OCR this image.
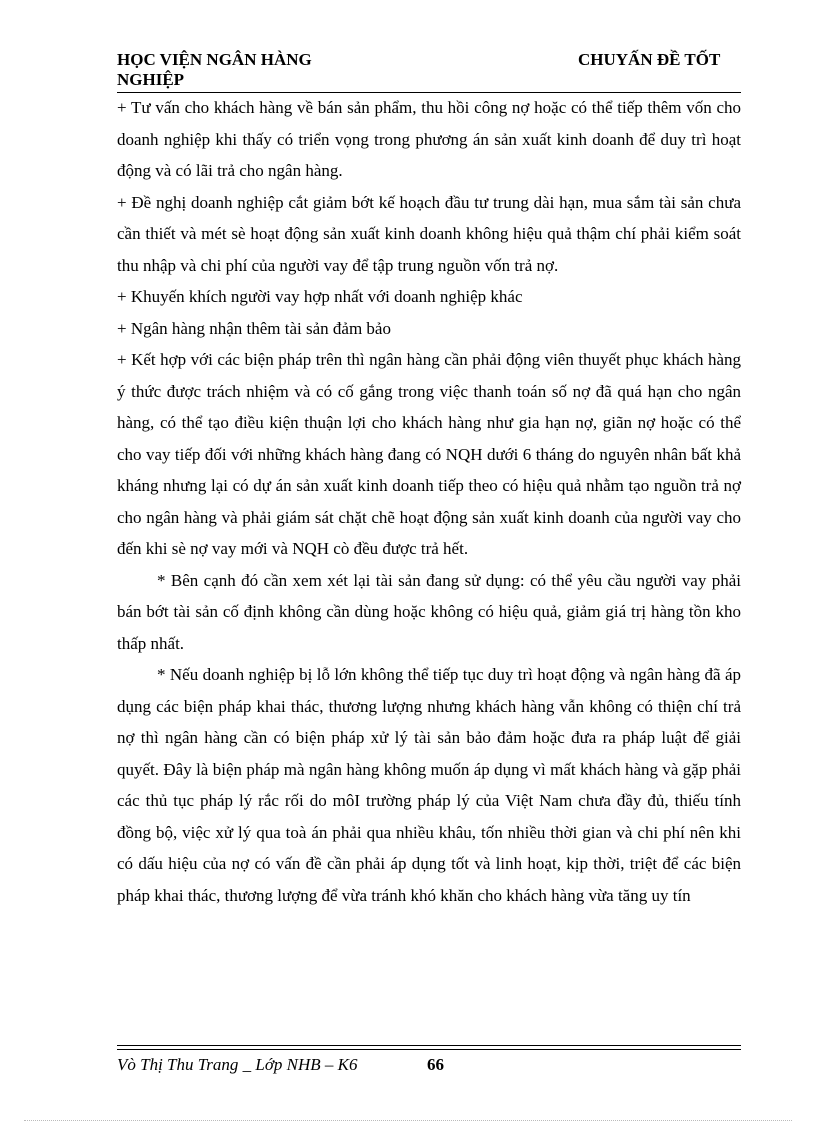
HỌC VIỆN NGÂN HÀNG NGHIỆP
CHUYẤN ĐỀ TỐT

+ Tư vấn cho khách hàng về bán sản phẩm, thu hồi công nợ hoặc có thể tiếp thêm vốn cho doanh nghiệp khi thấy có triển vọng trong phương án sản xuất kinh doanh để duy trì hoạt động và có lãi trả cho ngân hàng.

+ Đề nghị doanh nghiệp cắt giảm bớt kế hoạch đầu tư trung dài hạn, mua sắm tài sản chưa cần thiết và mét sè hoạt động sản xuất kinh doanh không hiệu quả thậm chí phải kiểm soát thu nhập và chi phí của người vay để tập trung nguồn vốn trả nợ.

+ Khuyến khích người vay hợp nhất với doanh nghiệp khác

+ Ngân hàng nhận thêm tài sản đảm bảo

+ Kết hợp với các biện pháp trên thì ngân hàng cần phải động viên thuyết phục khách hàng ý thức được trách nhiệm và có cố gắng trong việc thanh toán số nợ đã quá hạn cho ngân hàng, có thể tạo điều kiện thuận lợi cho khách hàng như gia hạn nợ, giãn nợ hoặc có thể cho vay tiếp đối với những khách hàng đang có NQH dưới 6 tháng do nguyên nhân bất khả kháng nhưng lại có dự án sản xuất kinh doanh tiếp theo có hiệu quả nhằm tạo nguồn trả nợ cho ngân hàng và phải giám sát chặt chẽ hoạt động sản xuất kinh doanh của người vay cho đến khi sè nợ vay mới và NQH cò đều được trả hết.

* Bên cạnh đó cần xem xét lại tài sản đang sử dụng: có thể yêu cầu người vay phải bán bớt tài sản cố định không cần dùng hoặc không có hiệu quả, giảm giá trị hàng tồn kho thấp nhất.

* Nếu doanh nghiệp bị lỗ lớn không thể tiếp tục duy trì hoạt động và ngân hàng đã áp dụng các biện pháp khai thác, thương lượng nhưng khách hàng vẫn không có thiện chí trả nợ thì ngân hàng cần có biện pháp xử lý tài sản bảo đảm hoặc đưa ra pháp luật để giải quyết. Đây là biện pháp mà ngân hàng không muốn áp dụng vì mất khách hàng và gặp phải các thủ tục pháp lý rắc rối do môI trường pháp lý của Việt Nam chưa đầy đủ, thiếu tính đồng bộ, việc xử lý qua toà án phải qua nhiều khâu, tốn nhiều thời gian và chi phí nên khi có dấu hiệu của nợ có vấn đề cần phải áp dụng tốt và linh hoạt, kịp thời, triệt để các biện pháp khai thác, thương lượng để vừa tránh khó khăn cho khách hàng vừa tăng uy tín

Vò Thị Thu Trang _ Lớp NHB – K6	66
